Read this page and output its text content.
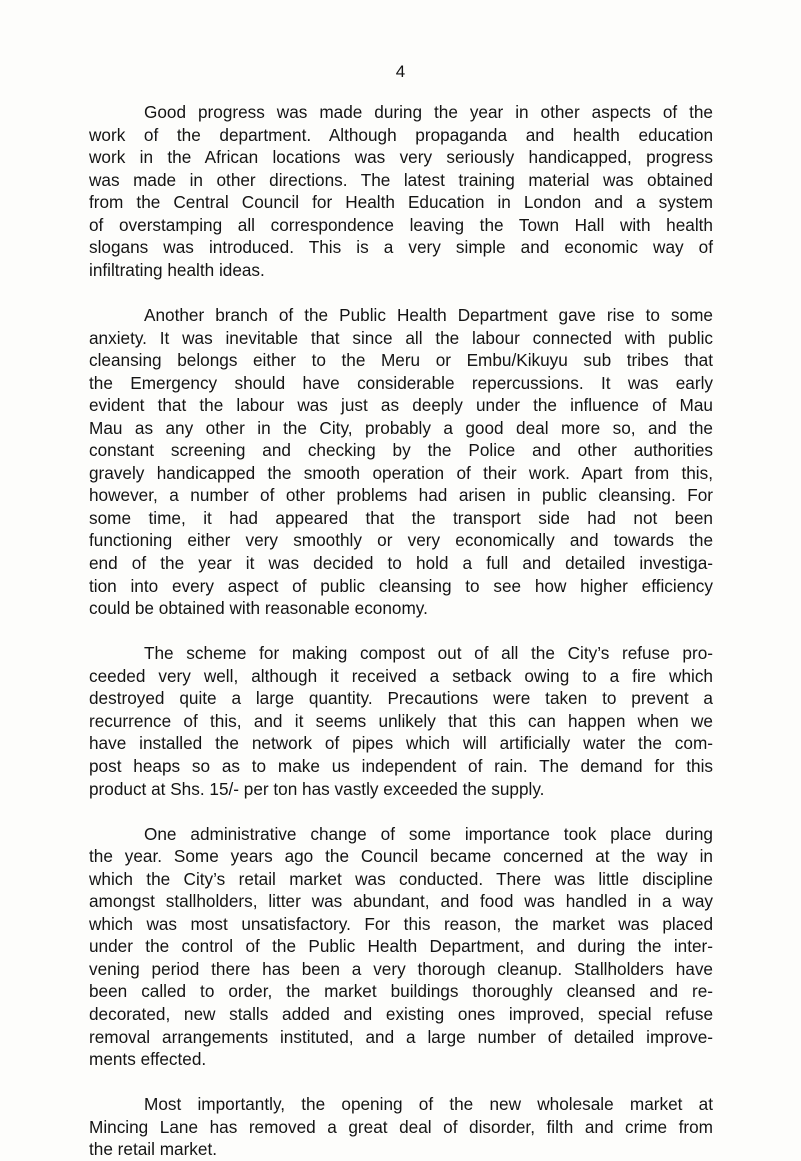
4

Good progress was made during the year in other aspects of the
work of the department. Although propaganda and health education
work in the African locations was very seriously handicapped, progress
was made in other directions. The latest training material was obtained
from the Central Council for Health Education in London and a system
of overstamping all correspondence leaving the Town Hall with health
slogans was introduced. This is a very simple and economic way of
infiltrating health ideas.

Another branch of the Public Health Department gave rise to some
anxiety. It was inevitable that since all the labour connected with public
cleansing belongs either to the Meru or Embu/Kikuyu sub tribes that
the Emergency should have considerable repercussions. It was early
evident that the labour was just as deeply under the influence of Mau
Mau as any other in the City, probably a good deal more so, and the
constant screening and checking by the Police and other authorities
gravely handicapped the smooth operation of their work. Apart from this,
however, a number of other problems had arisen in public cleansing. For
some time, it had appeared that the transport side had not been
functioning either very smoothly or very economically and towards the
end of the year it was decided to hold a full and detailed investiga-
tion into every aspect of public cleansing to see how higher efficiency
could be obtained with reasonable economy.

The scheme for making compost out of all the City’s refuse pro-
ceeded very well, although it received a setback owing to a fire which
destroyed quite a large quantity. Precautions were taken to prevent a
recurrence of this, and it seems unlikely that this can happen when we
have installed the network of pipes which will artificially water the com-
post heaps so as to make us independent of rain. The demand for this
product at Shs. 15/- per ton has vastly exceeded the supply.

One administrative change of some importance took place during
the year. Some years ago the Council became concerned at the way in
which the City’s retail market was conducted. There was little discipline
amongst stallholders, litter was abundant, and food was handled in a way
which was most unsatisfactory. For this reason, the market was placed
under the control of the Public Health Department, and during the inter-
vening period there has been a very thorough cleanup. Stallholders have
been called to order, the market buildings thoroughly cleansed and re-
decorated, new stalls added and existing ones improved, special refuse
removal arrangements instituted, and a large number of detailed improve-
ments effected.

Most importantly, the opening of the new wholesale market at
Mincing Lane has removed a great deal of disorder, filth and crime from
the retail market.
